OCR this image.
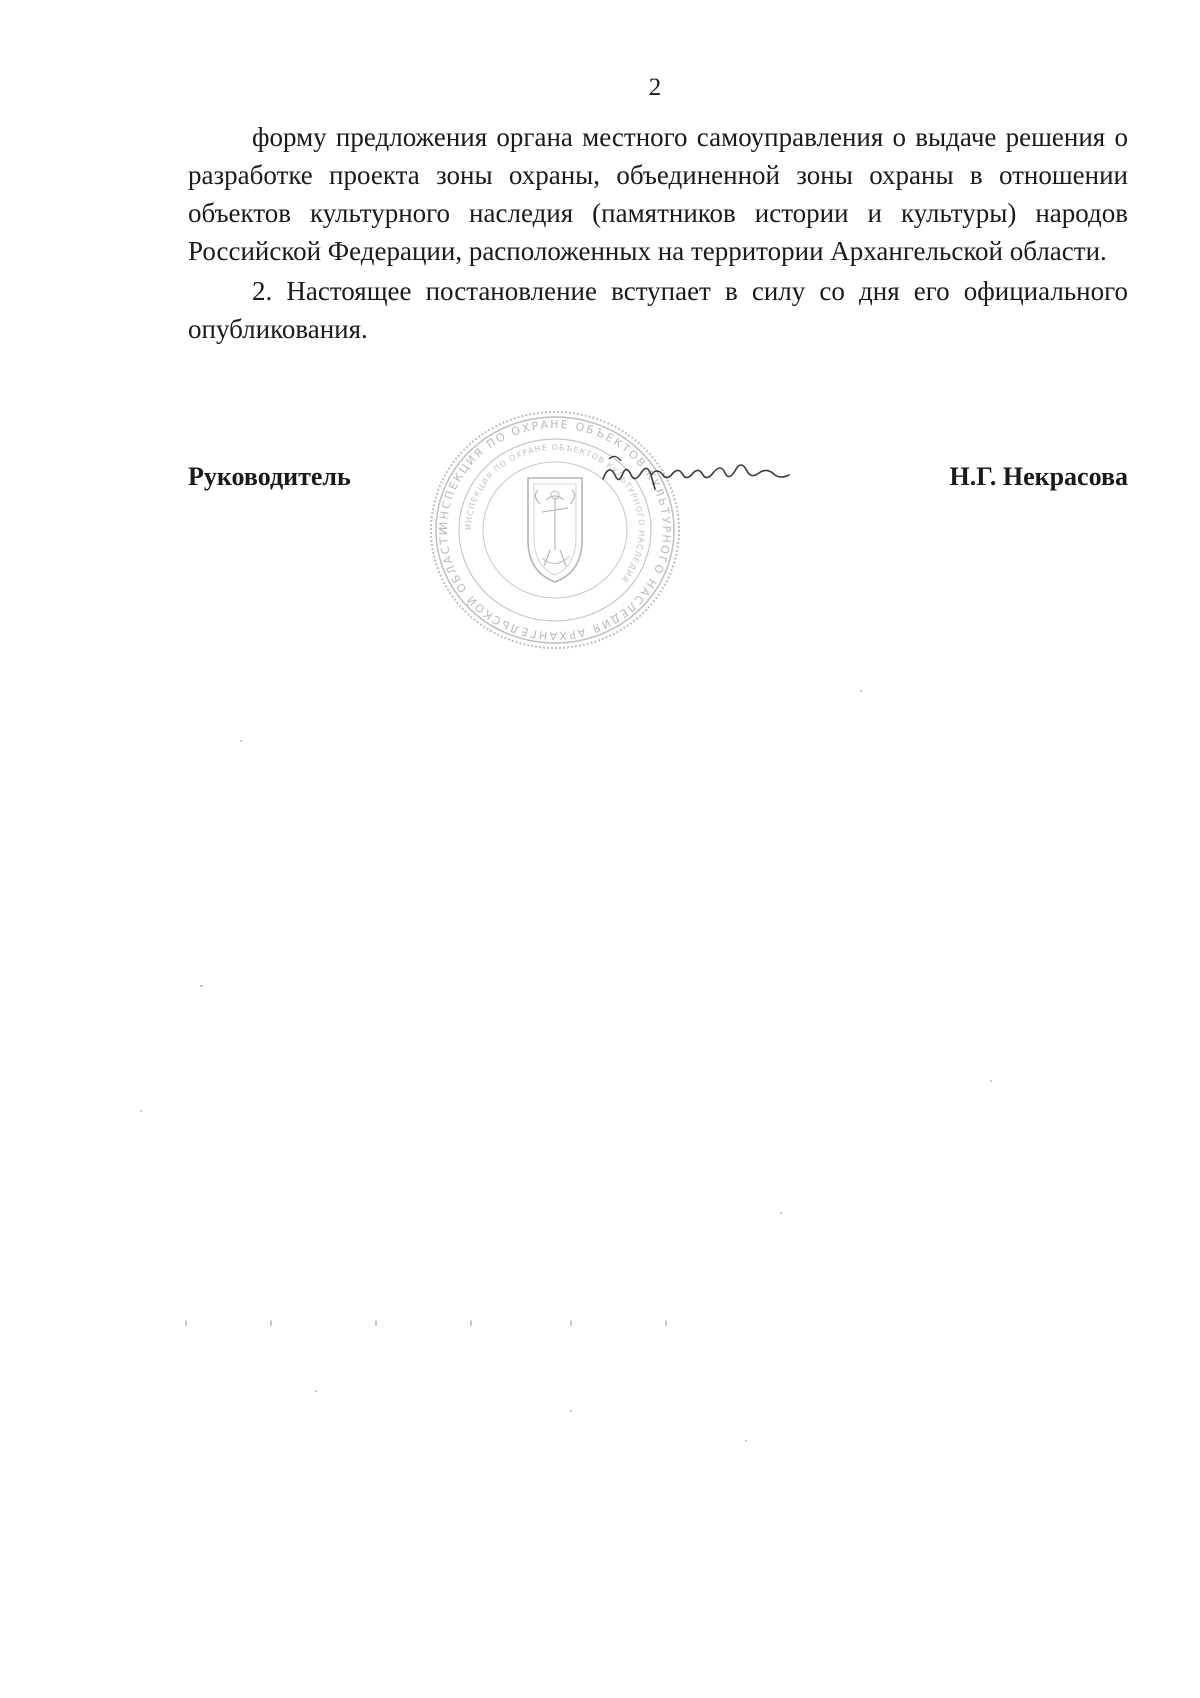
2

форму предложения органа местного самоуправления о выдаче решения о разработке проекта зоны охраны, объединенной зоны охраны в отношении объектов культурного наследия (памятников истории и культуры) народов Российской Федерации, расположенных на территории Архангельской области.

2. Настоящее постановление вступает в силу со дня его официального опубликования.

ИНСПЕКЦИЯ ПО ОХРАНЕ ОБЪЕКТОВ КУЛЬТУРНОГО НАСЛЕДИЯ АРХАНГЕЛЬСКОЙ ОБЛАСТИ	ИНСПЕКЦИЯ ПО ОХРАНЕ ОБЪЕКТОВ КУЛЬТУРНОГО НАСЛЕДИЯ
Руководитель	Н.Г. Некрасова
